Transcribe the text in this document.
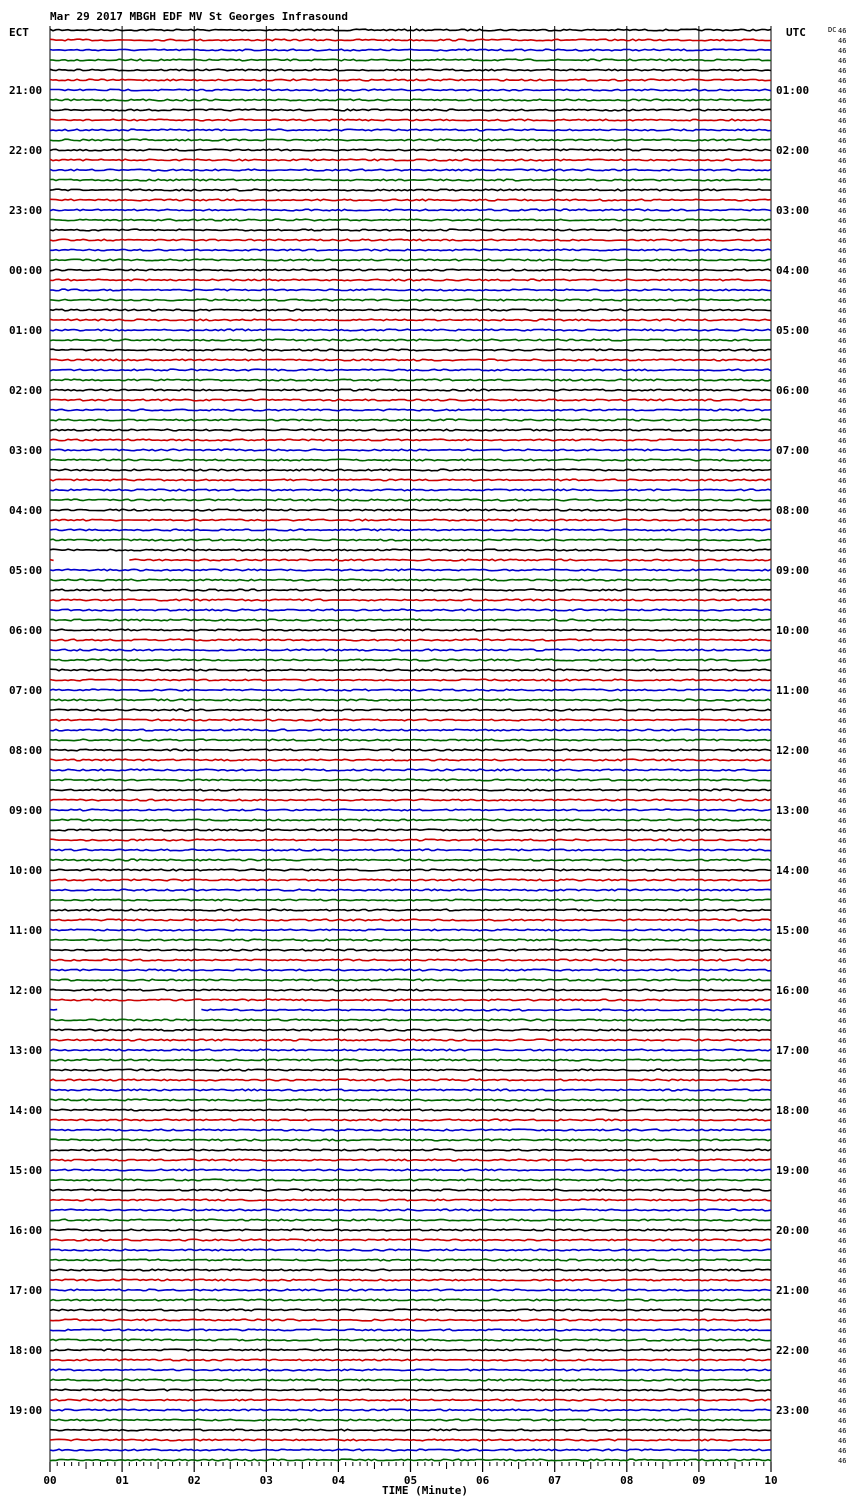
Mar 29 2017 MBGH EDF MV St Georges Infrasound
ECT	UTC	DC
TIME (Minute)
00	01	02	03	04	05	06	07	08	09	10
21:00	01:00
22:00	02:00
23:00	03:00
00:00	04:00
01:00	05:00
02:00	06:00
03:00	07:00
04:00	08:00
05:00	09:00
06:00	10:00
07:00	11:00
08:00	12:00
09:00	13:00
10:00	14:00
11:00	15:00
12:00	16:00
13:00	17:00
14:00	18:00
15:00	19:00
16:00	20:00
17:00	21:00
18:00	22:00
19:00	23:00
46
46
46
46
46
46
46
46
46
46
46
46
46
46
46
46
46
46
46
46
46
46
46
46
46
46
46
46
46
46
46
46
46
46
46
46
46
46
46
46
46
46
46
46
46
46
46
46
46
46
46
46
46
46
46
46
46
46
46
46
46
46
46
46
46
46
46
46
46
46
46
46
46
46
46
46
46
46
46
46
46
46
46
46
46
46
46
46
46
46
46
46
46
46
46
46
46
46
46
46
46
46
46
46
46
46
46
46
46
46
46
46
46
46
46
46
46
46
46
46
46
46
46
46
46
46
46
46
46
46
46
46
46
46
46
46
46
46
46
46
46
46
46
46
